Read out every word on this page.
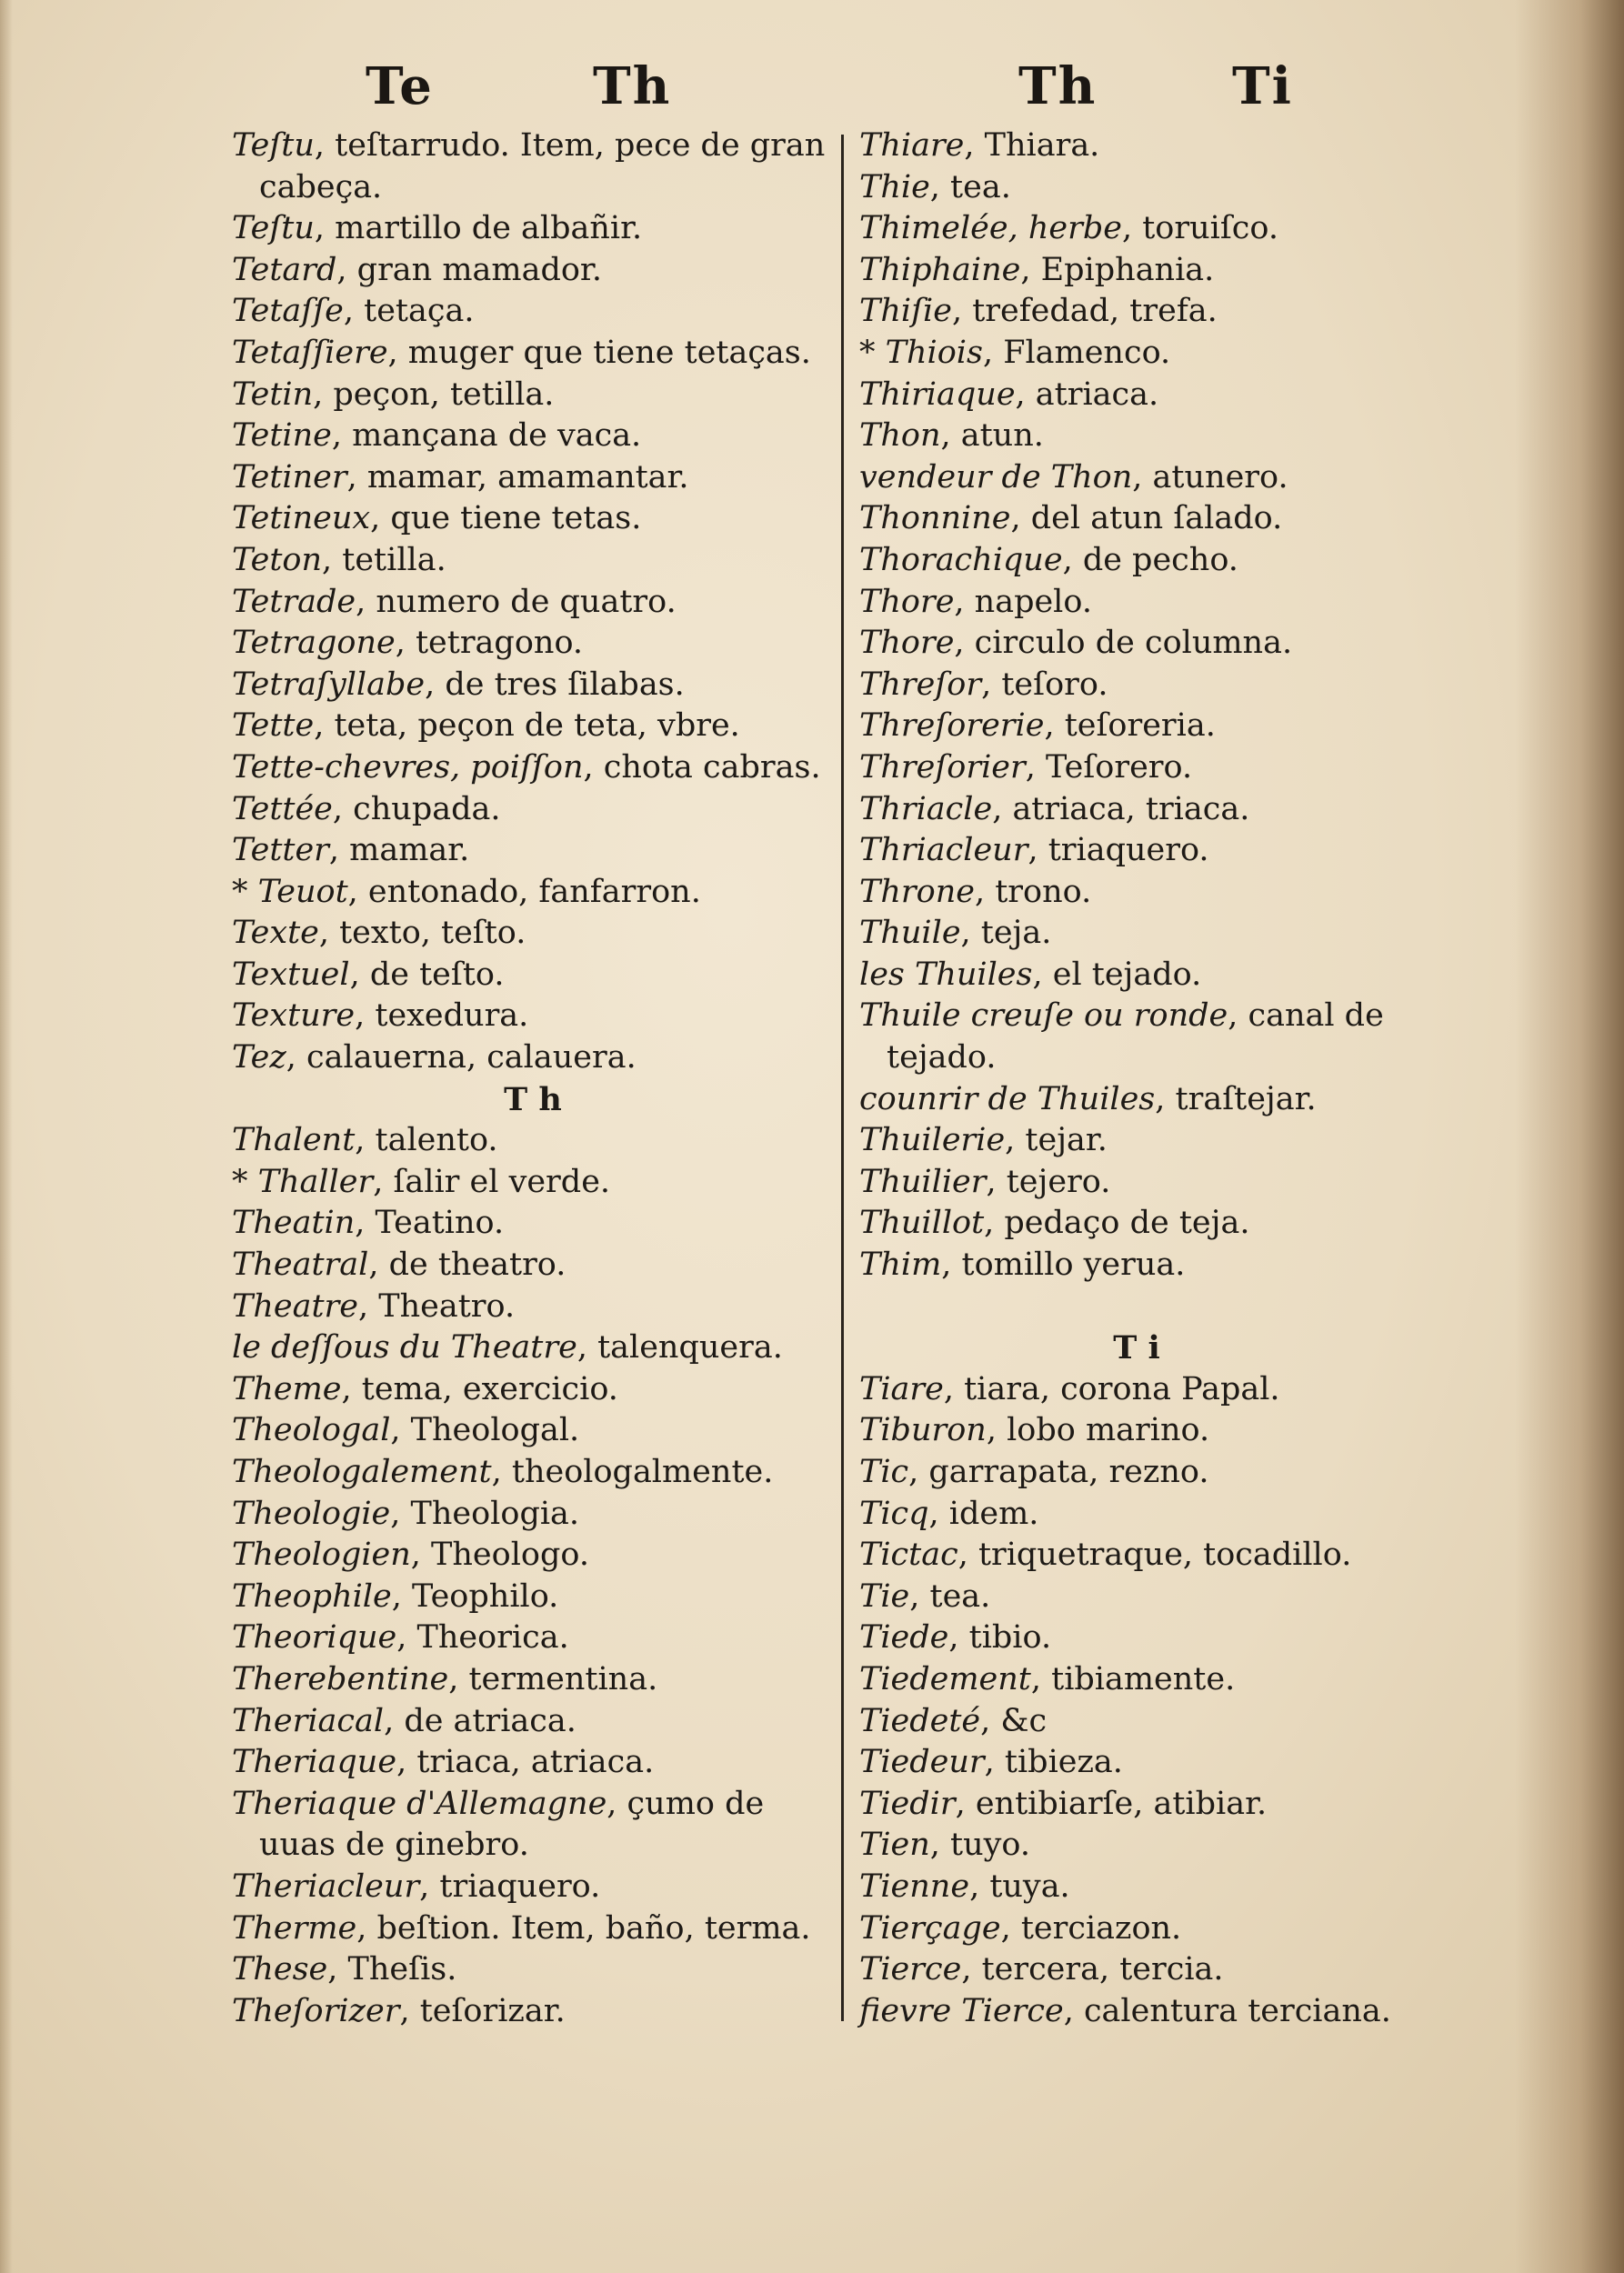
Te	Th	Th	Ti
Teſtu, teſtarrudo. Item, pece de gran cabeça.
Teſtu, martillo de albañir.
Tetard, gran mamador.
Tetaſſe, tetaça.
Tetaſſiere, muger que tiene tetaças.
Tetin, peçon, tetilla.
Tetine, mançana de vaca.
Tetiner, mamar, amamantar.
Tetineux, que tiene tetas.
Teton, tetilla.
Tetrade, numero de quatro.
Tetragone, tetragono.
Tetraſyllabe, de tres ſilabas.
Tette, teta, peçon de teta, vbre.
Tette-chevres, poiſſon, chota cabras.
Tettée, chupada.
Tetter, mamar.
* Teuot, entonado, fanfarron.
Texte, texto, teſto.
Textuel, de teſto.
Texture, texedura.
Tez, calauerna, calauera.
T h
Thalent, talento.
* Thaller, ſalir el verde.
Theatin, Teatino.
Theatral, de theatro.
Theatre, Theatro.
le deſſous du Theatre, talenquera.
Theme, tema, exercicio.
Theologal, Theologal.
Theologalement, theologalmente.
Theologie, Theologia.
Theologien, Theologo.
Theophile, Teophilo.
Theorique, Theorica.
Therebentine, termentina.
Theriacal, de atriaca.
Theriaque, triaca, atriaca.
Theriaque d'Allemagne, çumo de uuas de ginebro.
Theriacleur, triaquero.
Therme, beſtion. Item, baño, terma.
These, Theſis.
Theſorizer, teſorizar.
Thiare, Thiara.
Thie, tea.
Thimelée, herbe, toruiſco.
Thiphaine, Epiphania.
Thiſie, trefedad, trefa.
* Thiois, Flamenco.
Thiriaque, atriaca.
Thon, atun.
vendeur de Thon, atunero.
Thonnine, del atun ſalado.
Thorachique, de pecho.
Thore, napelo.
Thore, circulo de columna.
Threſor, teſoro.
Threſorerie, teſoreria.
Threſorier, Teſorero.
Thriacle, atriaca, triaca.
Thriacleur, triaquero.
Throne, trono.
Thuile, teja.
les Thuiles, el tejado.
Thuile creuſe ou ronde, canal de tejado.
counrir de Thuiles, traſtejar.
Thuilerie, tejar.
Thuilier, tejero.
Thuillot, pedaço de teja.
Thim, tomillo yerua.
T i
Tiare, tiara, corona Papal.
Tiburon, lobo marino.
Tic, garrapata, rezno.
Ticq, idem.
Tictac, triquetraque, tocadillo.
Tie, tea.
Tiede, tibio.
Tiedement, tibiamente.
Tiedeté, &c
Tiedeur, tibieza.
Tiedir, entibiarſe, atibiar.
Tien, tuyo.
Tienne, tuya.
Tierçage, terciazon.
Tierce, tercera, tercia.
fievre Tierce, calentura terciana.
